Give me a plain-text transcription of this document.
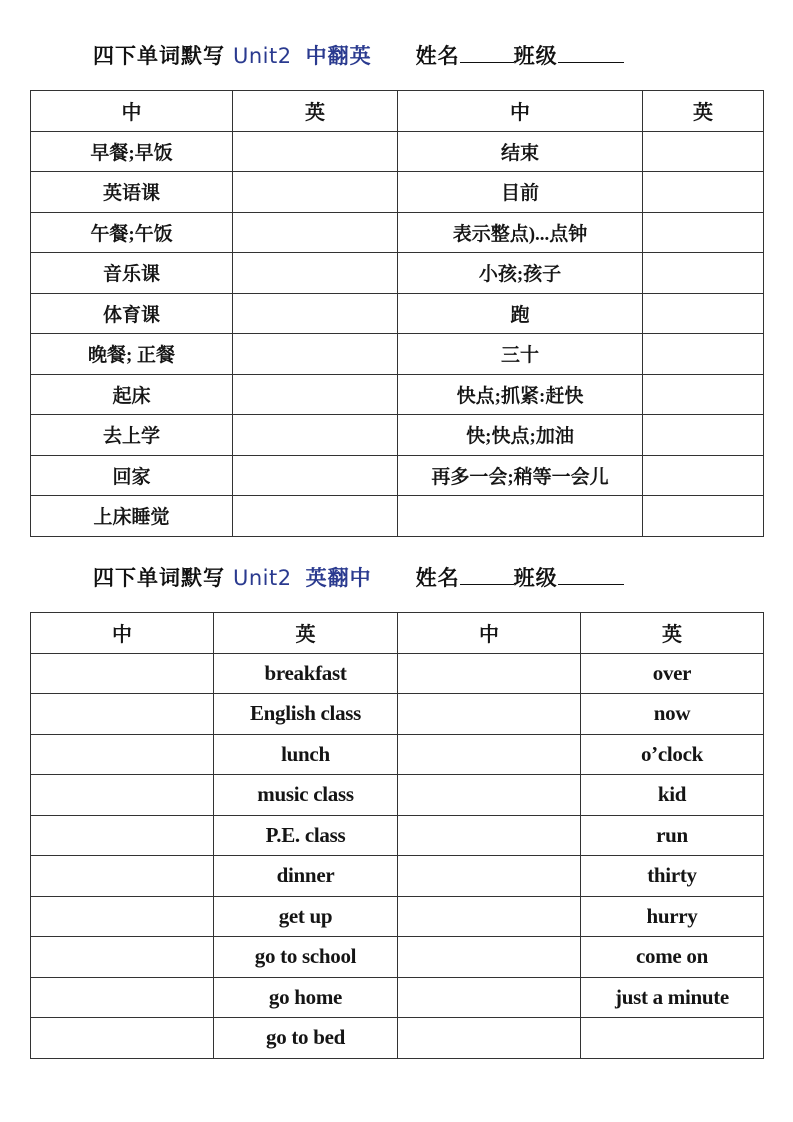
四下单词默写 Unit2 中翻英 姓名	班级
中	英	中	英
早餐;早饭		结束	
英语课		目前	
午餐;午饭		表示整点)...点钟	
音乐课		小孩;孩子	
体育课		跑	
晚餐; 正餐		三十	
起床		快点;抓紧:赶快	
去上学		快;快点;加油	
回家		再多一会;稍等一会儿	
上床睡觉			
四下单词默写 Unit2 英翻中 姓名	班级
中	英	中	英
	breakfast		over
	English class		now
	lunch		o’clock
	music class		kid
	P.E. class		run
	dinner		thirty
	get up		hurry
	go to school		come on
	go home		just a minute
	go to bed		
